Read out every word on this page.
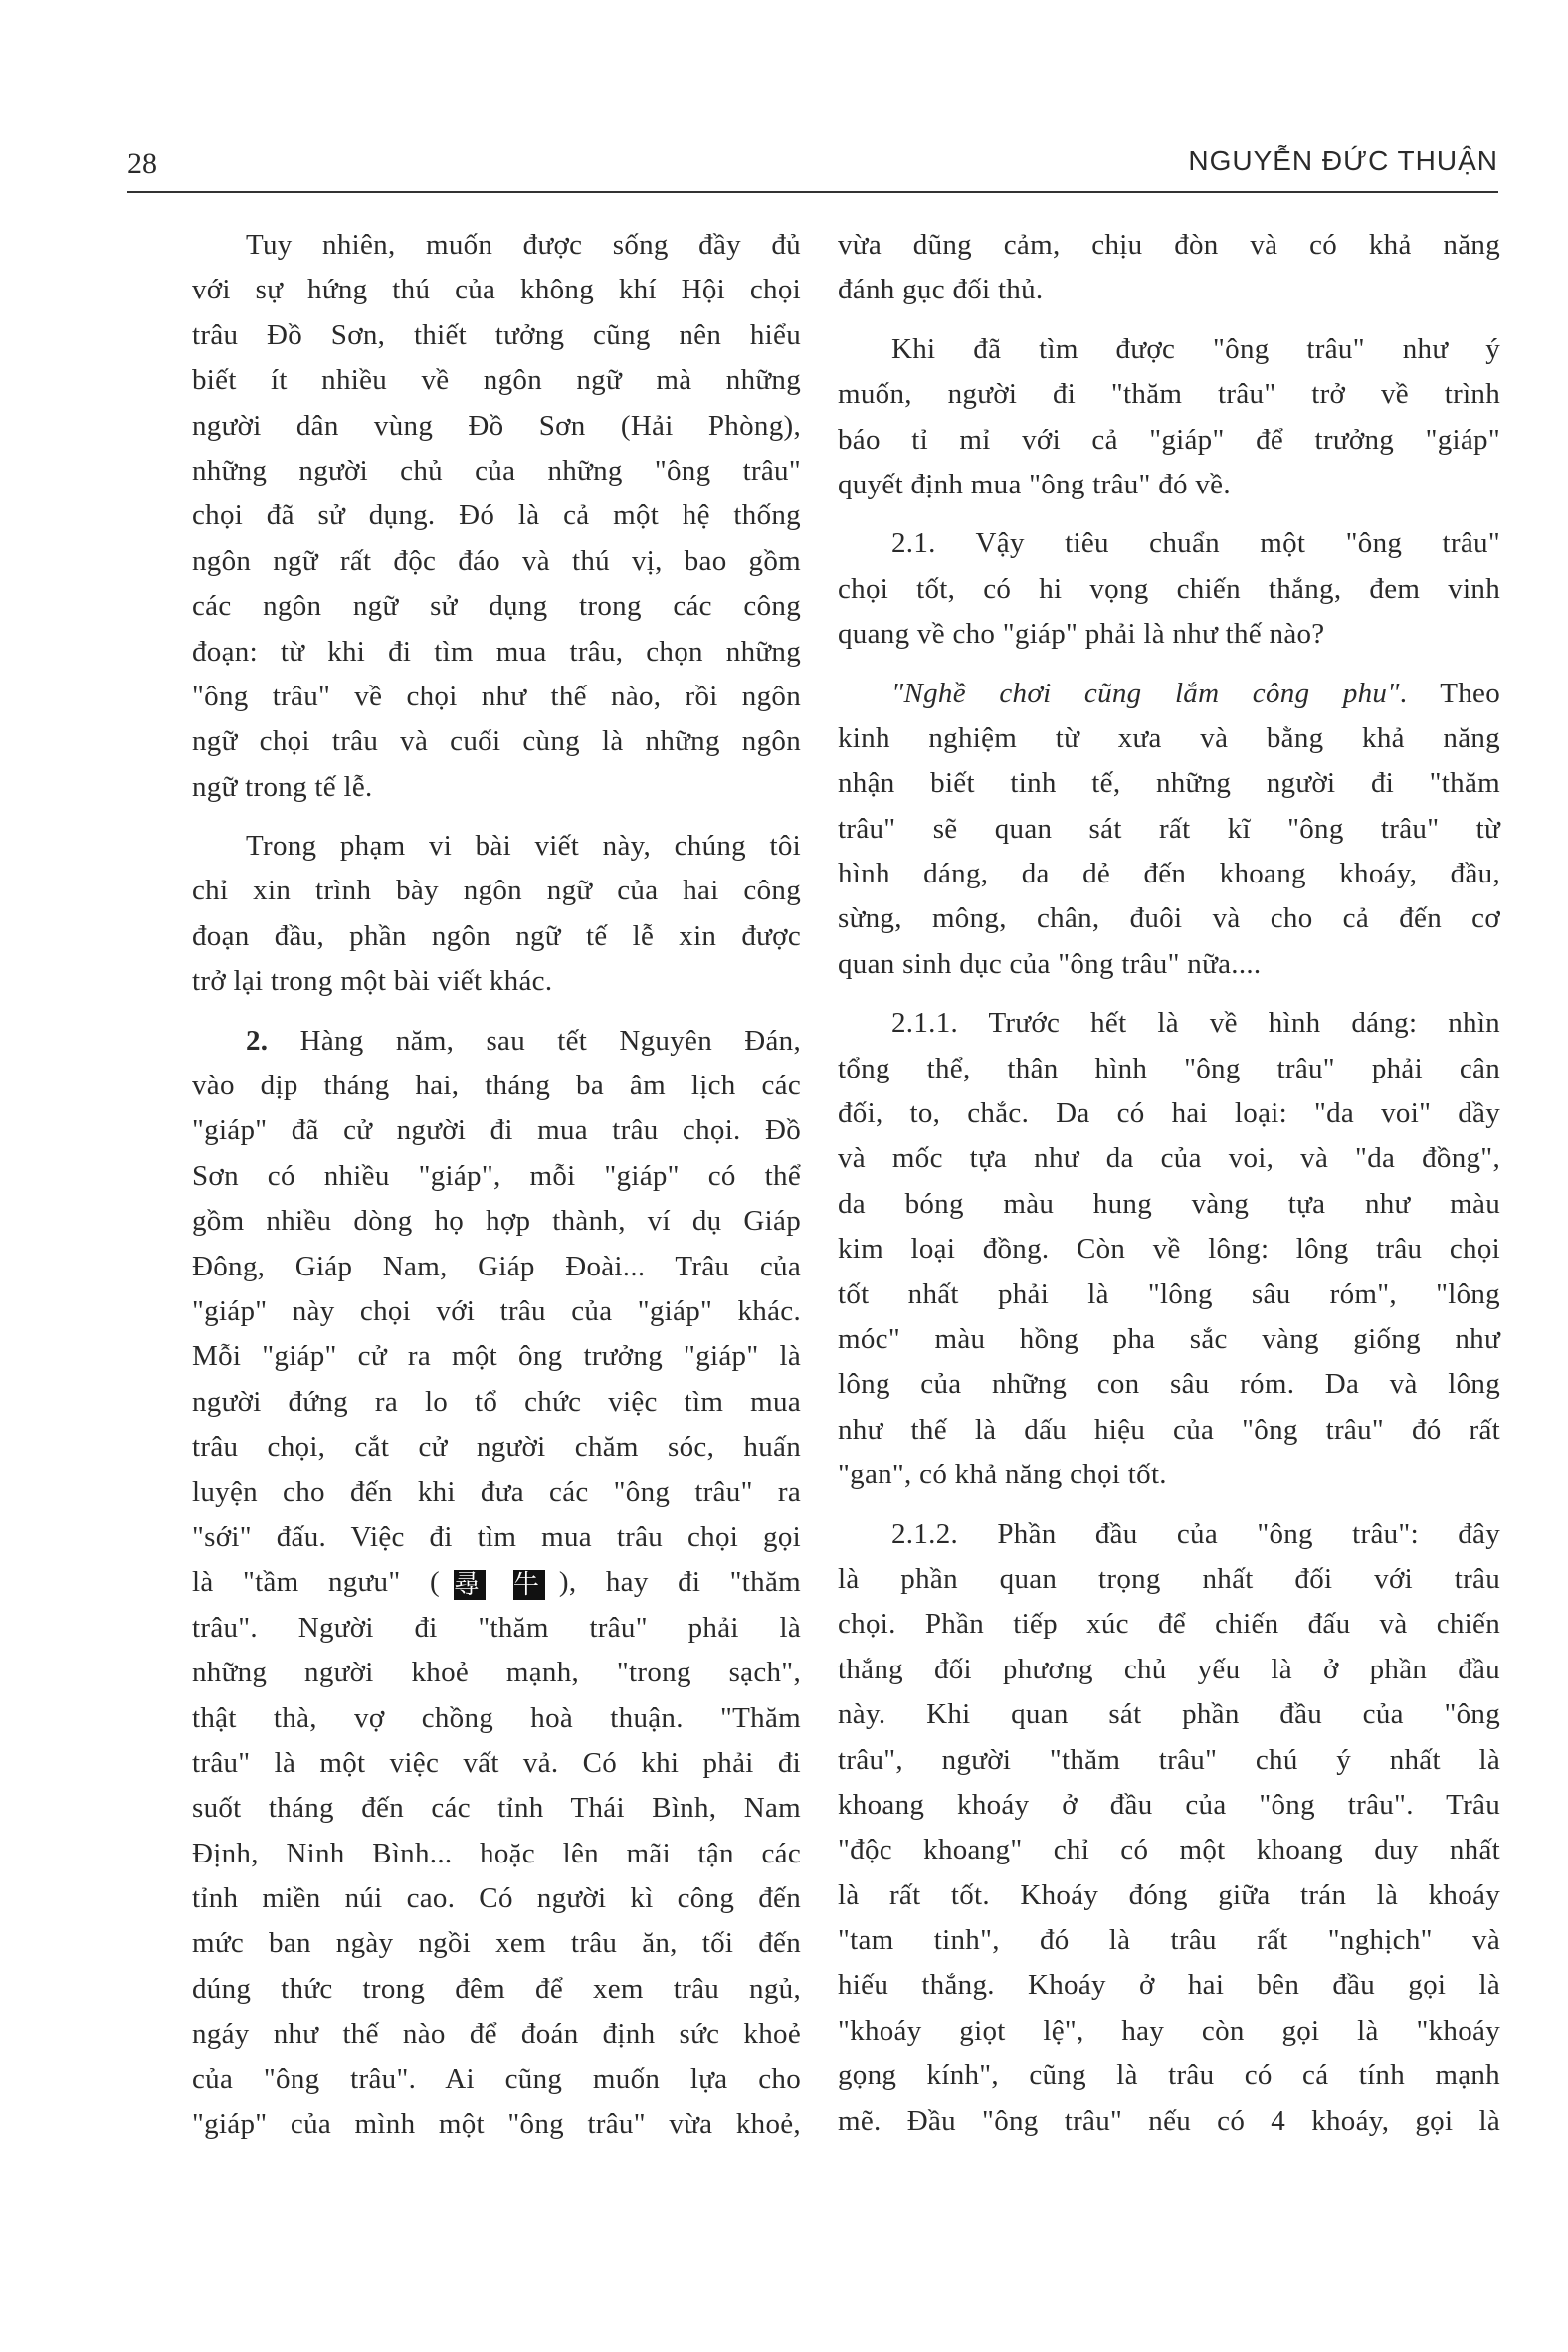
28	NGUYỄN ĐỨC THUẬN
Tuy nhiên, muốn được sống đầy đủ
với sự hứng thú của không khí Hội chọi
trâu Đồ Sơn, thiết tưởng cũng nên hiểu
biết ít nhiều về ngôn ngữ mà những
người dân vùng Đồ Sơn (Hải Phòng),
những người chủ của những "ông trâu"
chọi đã sử dụng. Đó là cả một hệ thống
ngôn ngữ rất độc đáo và thú vị, bao gồm
các ngôn ngữ sử dụng trong các công
đoạn: từ khi đi tìm mua trâu, chọn những
"ông trâu" về chọi như thế nào, rồi ngôn
ngữ chọi trâu và cuối cùng là những ngôn
ngữ trong tế lễ.
Trong phạm vi bài viết này, chúng tôi
chỉ xin trình bày ngôn ngữ của hai công
đoạn đầu, phần ngôn ngữ tế lễ xin được
trở lại trong một bài viết khác.
2. Hàng năm, sau tết Nguyên Đán,
vào dịp tháng hai, tháng ba âm lịch các
"giáp" đã cử người đi mua trâu chọi. Đồ
Sơn có nhiều "giáp", mỗi "giáp" có thể
gồm nhiều dòng họ hợp thành, ví dụ Giáp
Đông, Giáp Nam, Giáp Đoài... Trâu của
"giáp" này chọi với trâu của "giáp" khác.
Mỗi "giáp" cử ra một ông trưởng "giáp" là
người đứng ra lo tổ chức việc tìm mua
trâu chọi, cắt cử người chăm sóc, huấn
luyện cho đến khi đưa các "ông trâu" ra
"sới" đấu. Việc đi tìm mua trâu chọi gọi
là "tầm ngưu" ( 尋 牛 ), hay đi "thăm
trâu". Người đi "thăm trâu" phải là
những người khoẻ mạnh, "trong sạch",
thật thà, vợ chồng hoà thuận. "Thăm
trâu" là một việc vất vả. Có khi phải đi
suốt tháng đến các tỉnh Thái Bình, Nam
Định, Ninh Bình... hoặc lên mãi tận các
tỉnh miền núi cao. Có người kì công đến
mức ban ngày ngồi xem trâu ăn, tối đến
dúng thức trong đêm để xem trâu ngủ,
ngáy như thế nào để đoán định sức khoẻ
của "ông trâu". Ai cũng muốn lựa cho
"giáp" của mình một "ông trâu" vừa khoẻ,
vừa dũng cảm, chịu đòn và có khả năng
đánh gục đối thủ.
Khi đã tìm được "ông trâu" như ý
muốn, người đi "thăm trâu" trở về trình
báo tỉ mỉ với cả "giáp" để trưởng "giáp"
quyết định mua "ông trâu" đó về.
2.1. Vậy tiêu chuẩn một "ông trâu"
chọi tốt, có hi vọng chiến thắng, đem vinh
quang về cho "giáp" phải là như thế nào?
"Nghề chơi cũng lắm công phu". Theo
kinh nghiệm từ xưa và bằng khả năng
nhận biết tinh tế, những người đi "thăm
trâu" sẽ quan sát rất kĩ "ông trâu" từ
hình dáng, da dẻ đến khoang khoáy, đầu,
sừng, mông, chân, đuôi và cho cả đến cơ
quan sinh dục của "ông trâu" nữa....
2.1.1. Trước hết là về hình dáng: nhìn
tổng thể, thân hình "ông trâu" phải cân
đối, to, chắc. Da có hai loại: "da voi" dầy
và mốc tựa như da của voi, và "da đồng",
da bóng màu hung vàng tựa như màu
kim loại đồng. Còn về lông: lông trâu chọi
tốt nhất phải là "lông sâu róm", "lông
móc" màu hồng pha sắc vàng giống như
lông của những con sâu róm. Da và lông
như thế là dấu hiệu của "ông trâu" đó rất
"gan", có khả năng chọi tốt.
2.1.2. Phần đầu của "ông trâu": đây
là phần quan trọng nhất đối với trâu
chọi. Phần tiếp xúc để chiến đấu và chiến
thắng đối phương chủ yếu là ở phần đầu
này. Khi quan sát phần đầu của "ông
trâu", người "thăm trâu" chú ý nhất là
khoang khoáy ở đầu của "ông trâu". Trâu
"độc khoang" chỉ có một khoang duy nhất
là rất tốt. Khoáy đóng giữa trán là khoáy
"tam tinh", đó là trâu rất "nghịch" và
hiếu thắng. Khoáy ở hai bên đầu gọi là
"khoáy giọt lệ", hay còn gọi là "khoáy
gọng kính", cũng là trâu có cá tính mạnh
mẽ. Đầu "ông trâu" nếu có 4 khoáy, gọi là
